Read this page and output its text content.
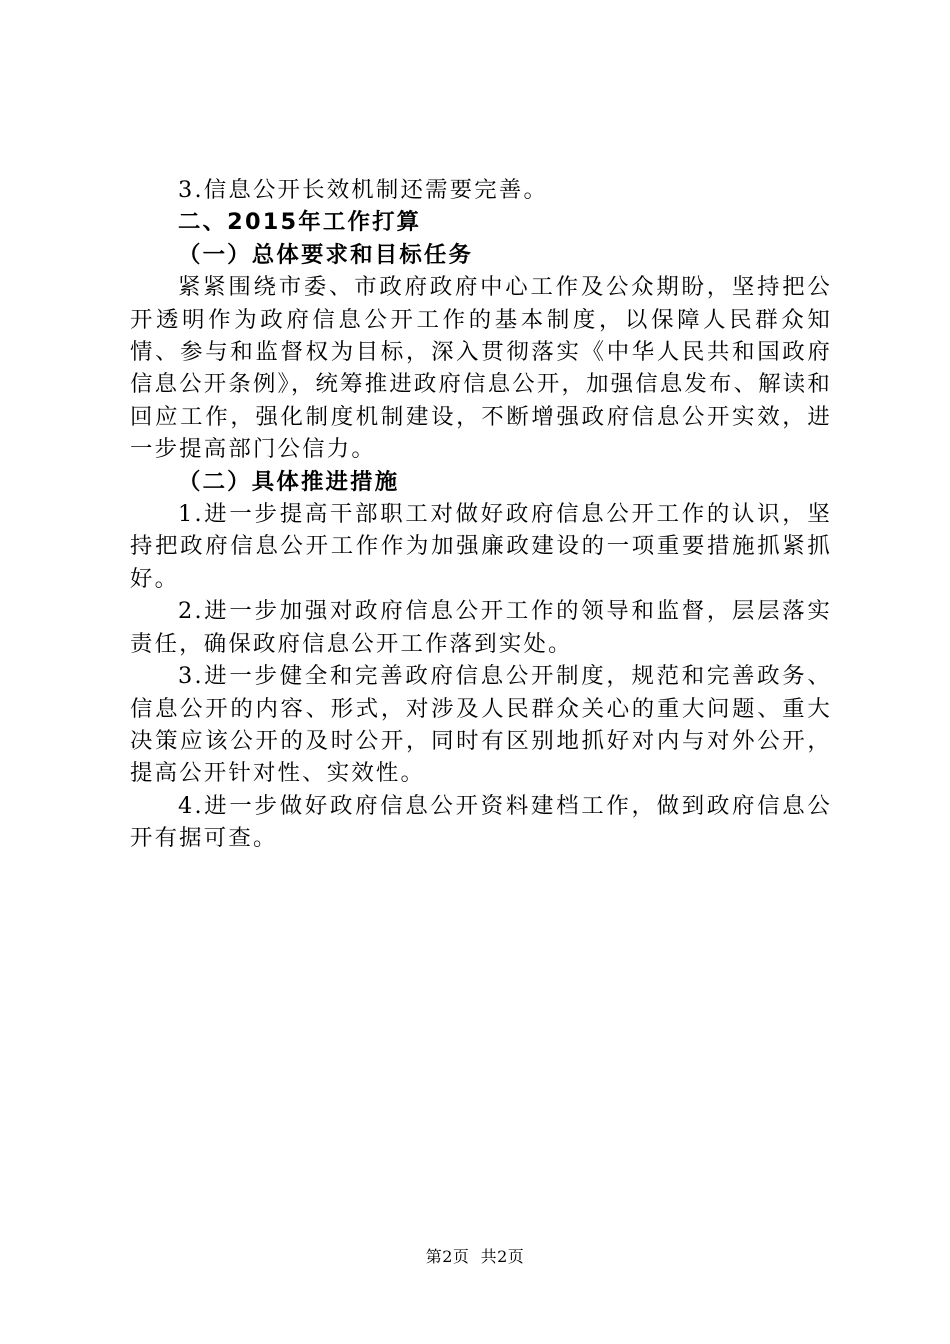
3.信息公开长效机制还需要完善。

二、2015年工作打算

（一）总体要求和目标任务

紧紧围绕市委、市政府政府中心工作及公众期盼，坚持把公开透明作为政府信息公开工作的基本制度，以保障人民群众知情、参与和监督权为目标，深入贯彻落实《中华人民共和国政府信息公开条例》，统筹推进政府信息公开，加强信息发布、解读和回应工作，强化制度机制建设，不断增强政府信息公开实效，进一步提高部门公信力。

（二）具体推进措施

1.进一步提高干部职工对做好政府信息公开工作的认识，坚持把政府信息公开工作作为加强廉政建设的一项重要措施抓紧抓好。

2.进一步加强对政府信息公开工作的领导和监督，层层落实责任，确保政府信息公开工作落到实处。

3.进一步健全和完善政府信息公开制度，规范和完善政务、信息公开的内容、形式，对涉及人民群众关心的重大问题、重大决策应该公开的及时公开，同时有区别地抓好对内与对外公开，提高公开针对性、实效性。

4.进一步做好政府信息公开资料建档工作，做到政府信息公开有据可查。

第2页  共2页
